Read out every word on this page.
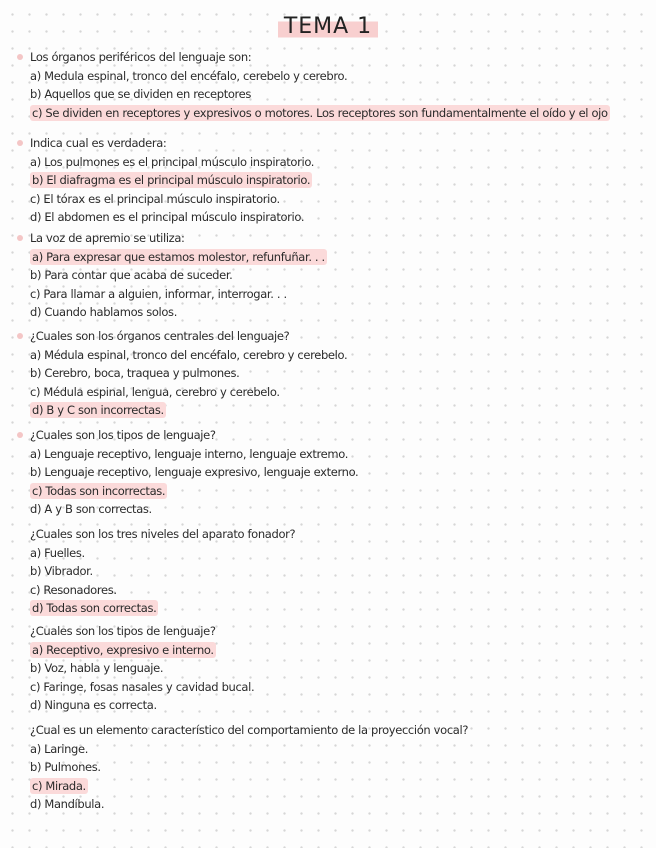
TEMA 1
Los órganos periféricos del lenguaje son:
a) Medula espinal, tronco del encéfalo, cerebelo y cerebro.
b) Aquellos que se dividen en receptores
c) Se dividen en receptores y expresivos o motores. Los receptores son fundamentalmente el oído y el ojo
Indica cual es verdadera:
a) Los pulmones es el principal músculo inspiratorio.
b) El diafragma es el principal músculo inspiratorio.
c) El tórax es el principal músculo inspiratorio.
d) El abdomen es el principal músculo inspiratorio.
La voz de apremio se utiliza:
a) Para expresar que estamos molestor, refunfuñar. . .
b) Para contar que acaba de suceder.
c) Para llamar a alguien, informar, interrogar. . .
d) Cuando hablamos solos.
¿Cuales son los órganos centrales del lenguaje?
a) Médula espinal, tronco del encéfalo, cerebro y cerebelo.
b) Cerebro, boca, traquea y pulmones.
c) Médula espinal, lengua, cerebro y cerebelo.
d) B y C son incorrectas.
¿Cuales son los tipos de lenguaje?
a) Lenguaje receptivo, lenguaje interno, lenguaje extremo.
b) Lenguaje receptivo, lenguaje expresivo, lenguaje externo.
c) Todas son incorrectas.
d) A y B son correctas.
¿Cuales son los tres niveles del aparato fonador?
a) Fuelles.
b) Vibrador.
c) Resonadores.
d) Todas son correctas.
¿Cuales son los tipos de lenguaje?
a) Receptivo, expresivo e interno.
b) Voz, habla y lenguaje.
c) Faringe, fosas nasales y cavidad bucal.
d) Ninguna es correcta.
¿Cual es un elemento característico del comportamiento de la proyección vocal?
a) Laringe.
b) Pulmones.
c) Mirada.
d) Mandíbula.
